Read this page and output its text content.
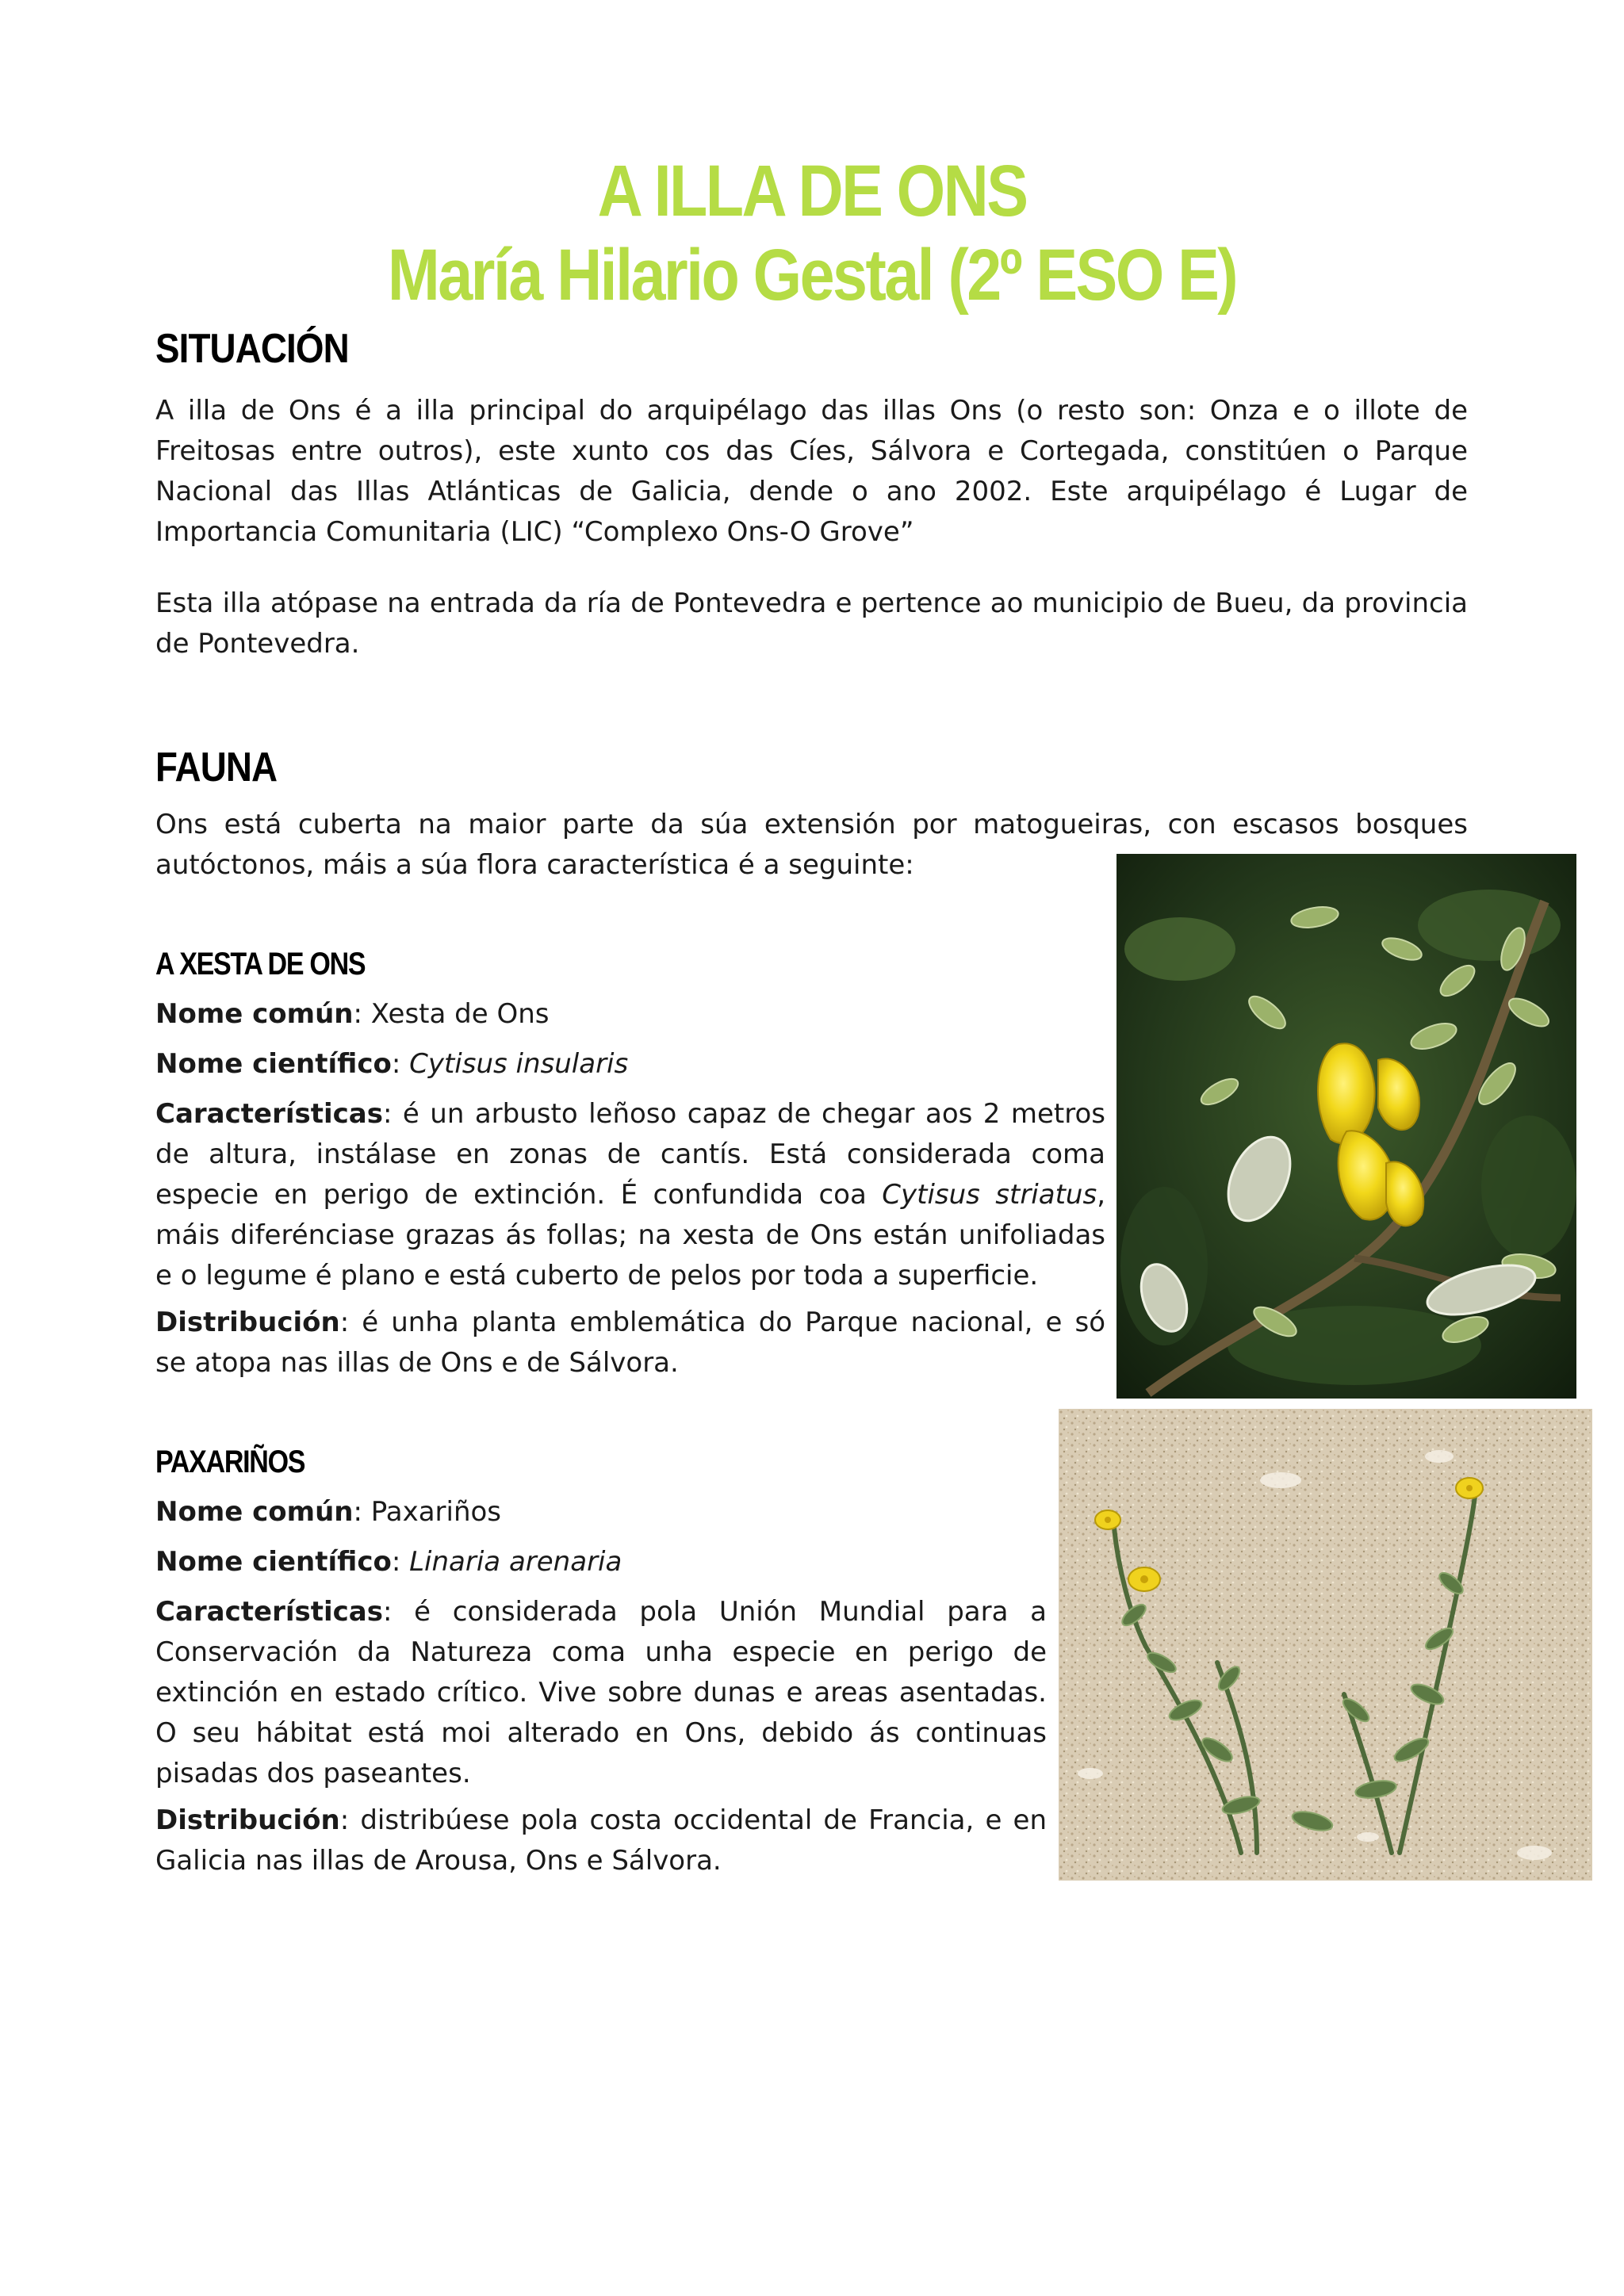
A ILLA DE ONS
María Hilario Gestal (2º ESO E)
SITUACIÓN

A illa de Ons é a illa principal do arquipélago das illas Ons (o resto son: Onza e o illote de Freitosas entre outros), este xunto cos das Cíes, Sálvora e Cortegada, constitúen o Parque Nacional das Illas Atlánticas de Galicia, dende o ano 2002. Este arquipélago é Lugar de Importancia Comunitaria (LIC) “Complexo Ons-O Grove”

Esta illa atópase na entrada da ría de Pontevedra e pertence ao municipio de Bueu, da provincia de Pontevedra.

FAUNA

Ons está cuberta na maior parte da súa extensión por matogueiras, con escasos bosques autóctonos, máis a súa flora característica é a seguinte:

A XESTA DE ONS

Nome común: Xesta de Ons

Nome científico: Cytisus insularis

Características: é un arbusto leñoso capaz de chegar aos 2 metros de altura, instálase en zonas de cantís. Está considerada coma especie en perigo de extinción. É confundida coa Cytisus striatus, máis diferénciase grazas ás follas; na xesta de Ons están unifoliadas e o legume é plano e está cuberto de pelos por toda a superficie.

Distribución: é unha planta emblemática do Parque nacional, e só se atopa nas illas de Ons e de Sálvora.

PAXARIÑOS

Nome común: Paxariños

Nome científico: Linaria arenaria

Características: é considerada pola Unión Mundial para a Conservación da Natureza coma unha especie en perigo de extinción en estado crítico. Vive sobre dunas e areas asentadas. O seu hábitat está moi alterado en Ons, debido ás continuas pisadas dos paseantes.

Distribución: distribúese pola costa occidental de Francia, e en Galicia nas illas de Arousa, Ons e Sálvora.
